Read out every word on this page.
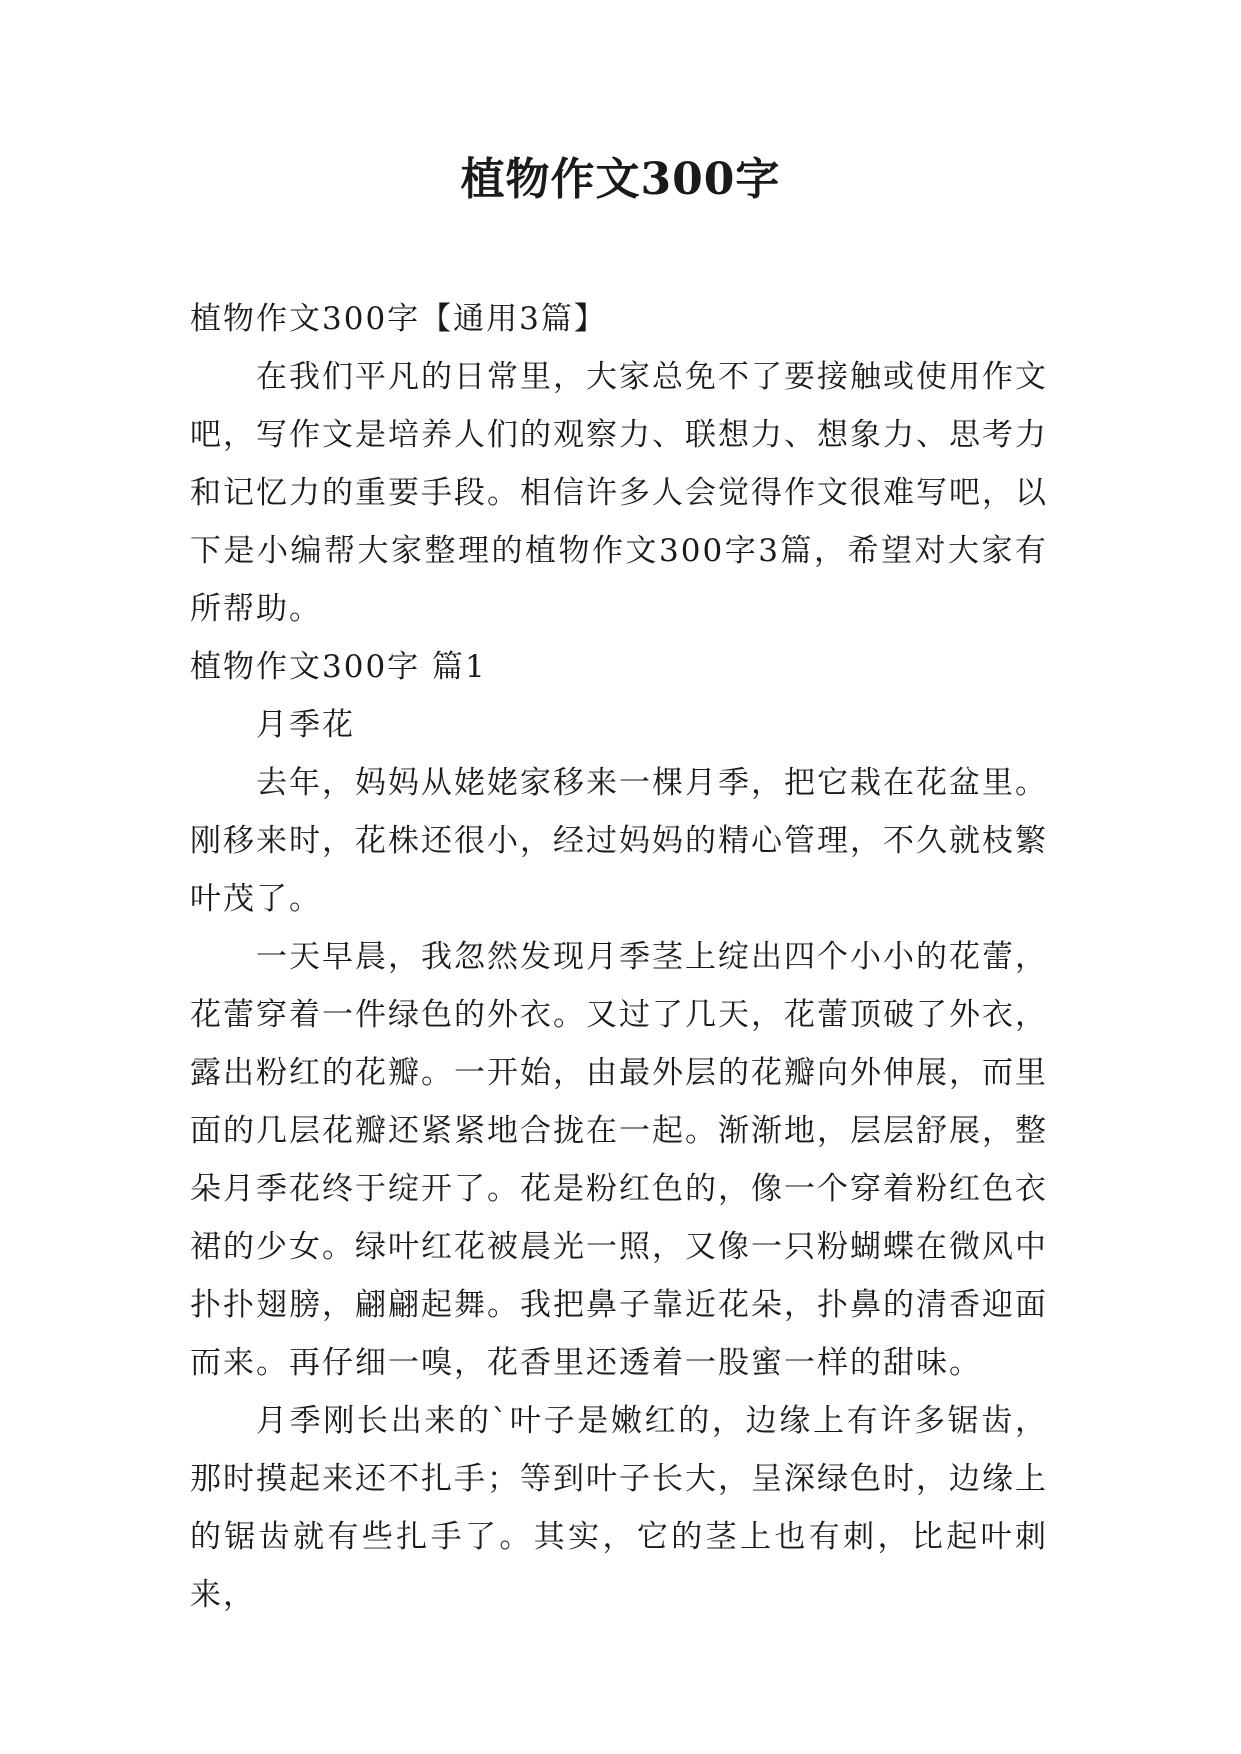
植物作文300字

植物作文300字【通用3篇】

在我们平凡的日常里，大家总免不了要接触或使用作文吧，写作文是培养人们的观察力、联想力、想象力、思考力和记忆力的重要手段。相信许多人会觉得作文很难写吧，以下是小编帮大家整理的植物作文300字3篇，希望对大家有所帮助。

植物作文300字 篇1

月季花

去年，妈妈从姥姥家移来一棵月季，把它栽在花盆里。刚移来时，花株还很小，经过妈妈的精心管理，不久就枝繁叶茂了。

一天早晨，我忽然发现月季茎上绽出四个小小的花蕾，花蕾穿着一件绿色的外衣。又过了几天，花蕾顶破了外衣，露出粉红的花瓣。一开始，由最外层的花瓣向外伸展，而里面的几层花瓣还紧紧地合拢在一起。渐渐地，层层舒展，整朵月季花终于绽开了。花是粉红色的，像一个穿着粉红色衣裙的少女。绿叶红花被晨光一照，又像一只粉蝴蝶在微风中扑扑翅膀，翩翩起舞。我把鼻子靠近花朵，扑鼻的清香迎面而来。再仔细一嗅，花香里还透着一股蜜一样的甜味。

月季刚长出来的`叶子是嫩红的，边缘上有许多锯齿，那时摸起来还不扎手；等到叶子长大，呈深绿色时，边缘上的锯齿就有些扎手了。其实，它的茎上也有刺，比起叶刺来，
